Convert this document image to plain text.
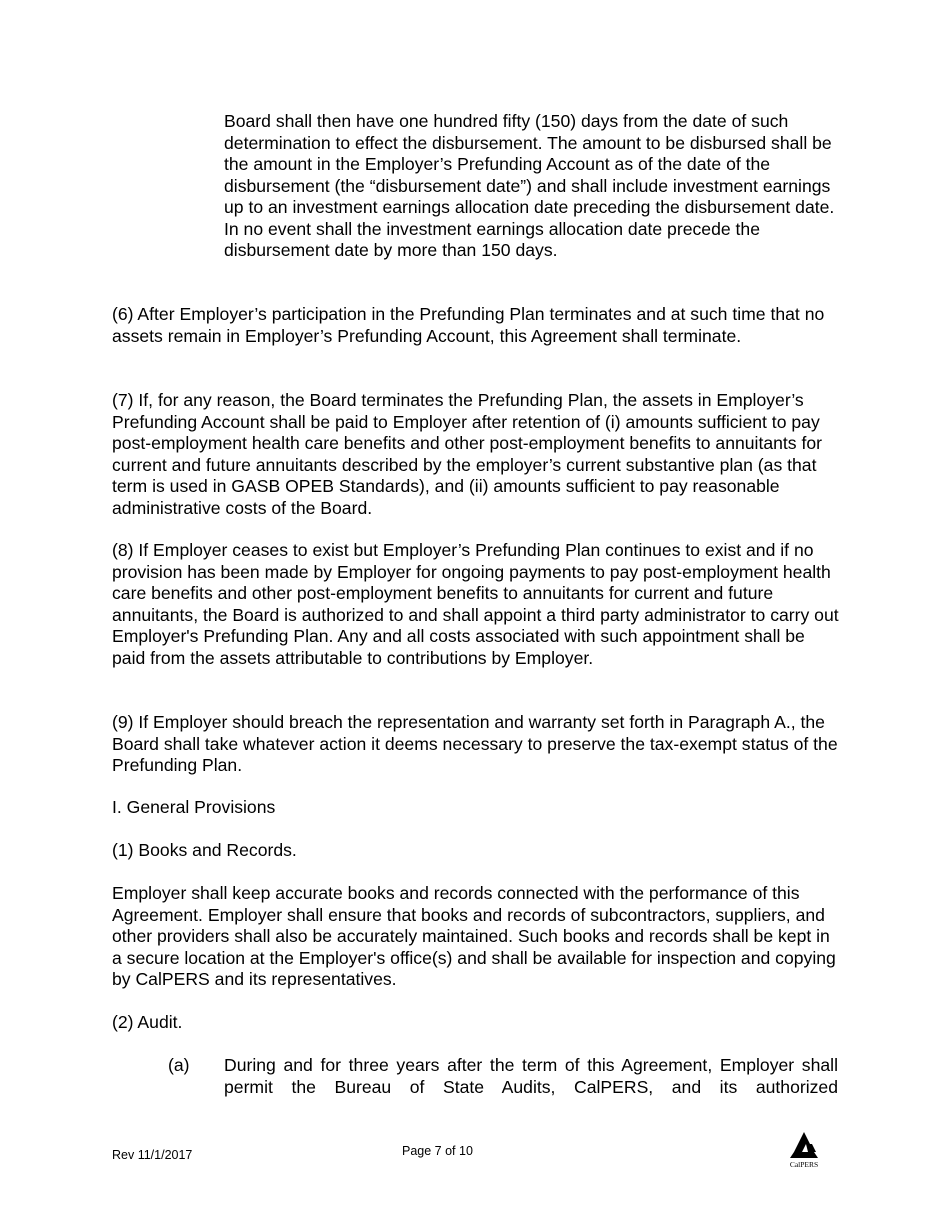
Board shall then have one hundred fifty (150) days from the date of such determination to effect the disbursement. The amount to be disbursed shall be the amount in the Employer’s Prefunding Account as of the date of the disbursement (the “disbursement date”) and shall include investment earnings up to an investment earnings allocation date preceding the disbursement date. In no event shall the investment earnings allocation date precede the disbursement date by more than 150 days.

(6) After Employer’s participation in the Prefunding Plan terminates and at such time that no assets remain in Employer’s Prefunding Account, this Agreement shall terminate.

(7) If, for any reason, the Board terminates the Prefunding Plan, the assets in Employer’s Prefunding Account shall be paid to Employer after retention of (i) amounts sufficient to pay post-employment health care benefits and other post-employment benefits to annuitants for current and future annuitants described by the employer’s current substantive plan (as that term is used in GASB OPEB Standards), and (ii) amounts sufficient to pay reasonable administrative costs of the Board.

(8) If Employer ceases to exist but Employer’s Prefunding Plan continues to exist and if no provision has been made by Employer for ongoing payments to pay post-employment health care benefits and other post-employment benefits to annuitants for current and future annuitants, the Board is authorized to and shall appoint a third party administrator to carry out Employer's Prefunding Plan. Any and all costs associated with such appointment shall be paid from the assets attributable to contributions by Employer.

(9) If Employer should breach the representation and warranty set forth in Paragraph A., the Board shall take whatever action it deems necessary to preserve the tax-exempt status of the Prefunding Plan.

I. General Provisions

(1) Books and Records.

Employer shall keep accurate books and records connected with the performance of this Agreement. Employer shall ensure that books and records of subcontractors, suppliers, and other providers shall also be accurately maintained. Such books and records shall be kept in a secure location at the Employer's office(s) and shall be available for inspection and copying by CalPERS and its representatives.

(2) Audit.

(a) During and for three years after the term of this Agreement, Employer shall permit the Bureau of State Audits, CalPERS, and its authorized
Rev 11/1/2017	Page 7 of 10
CalPERS
